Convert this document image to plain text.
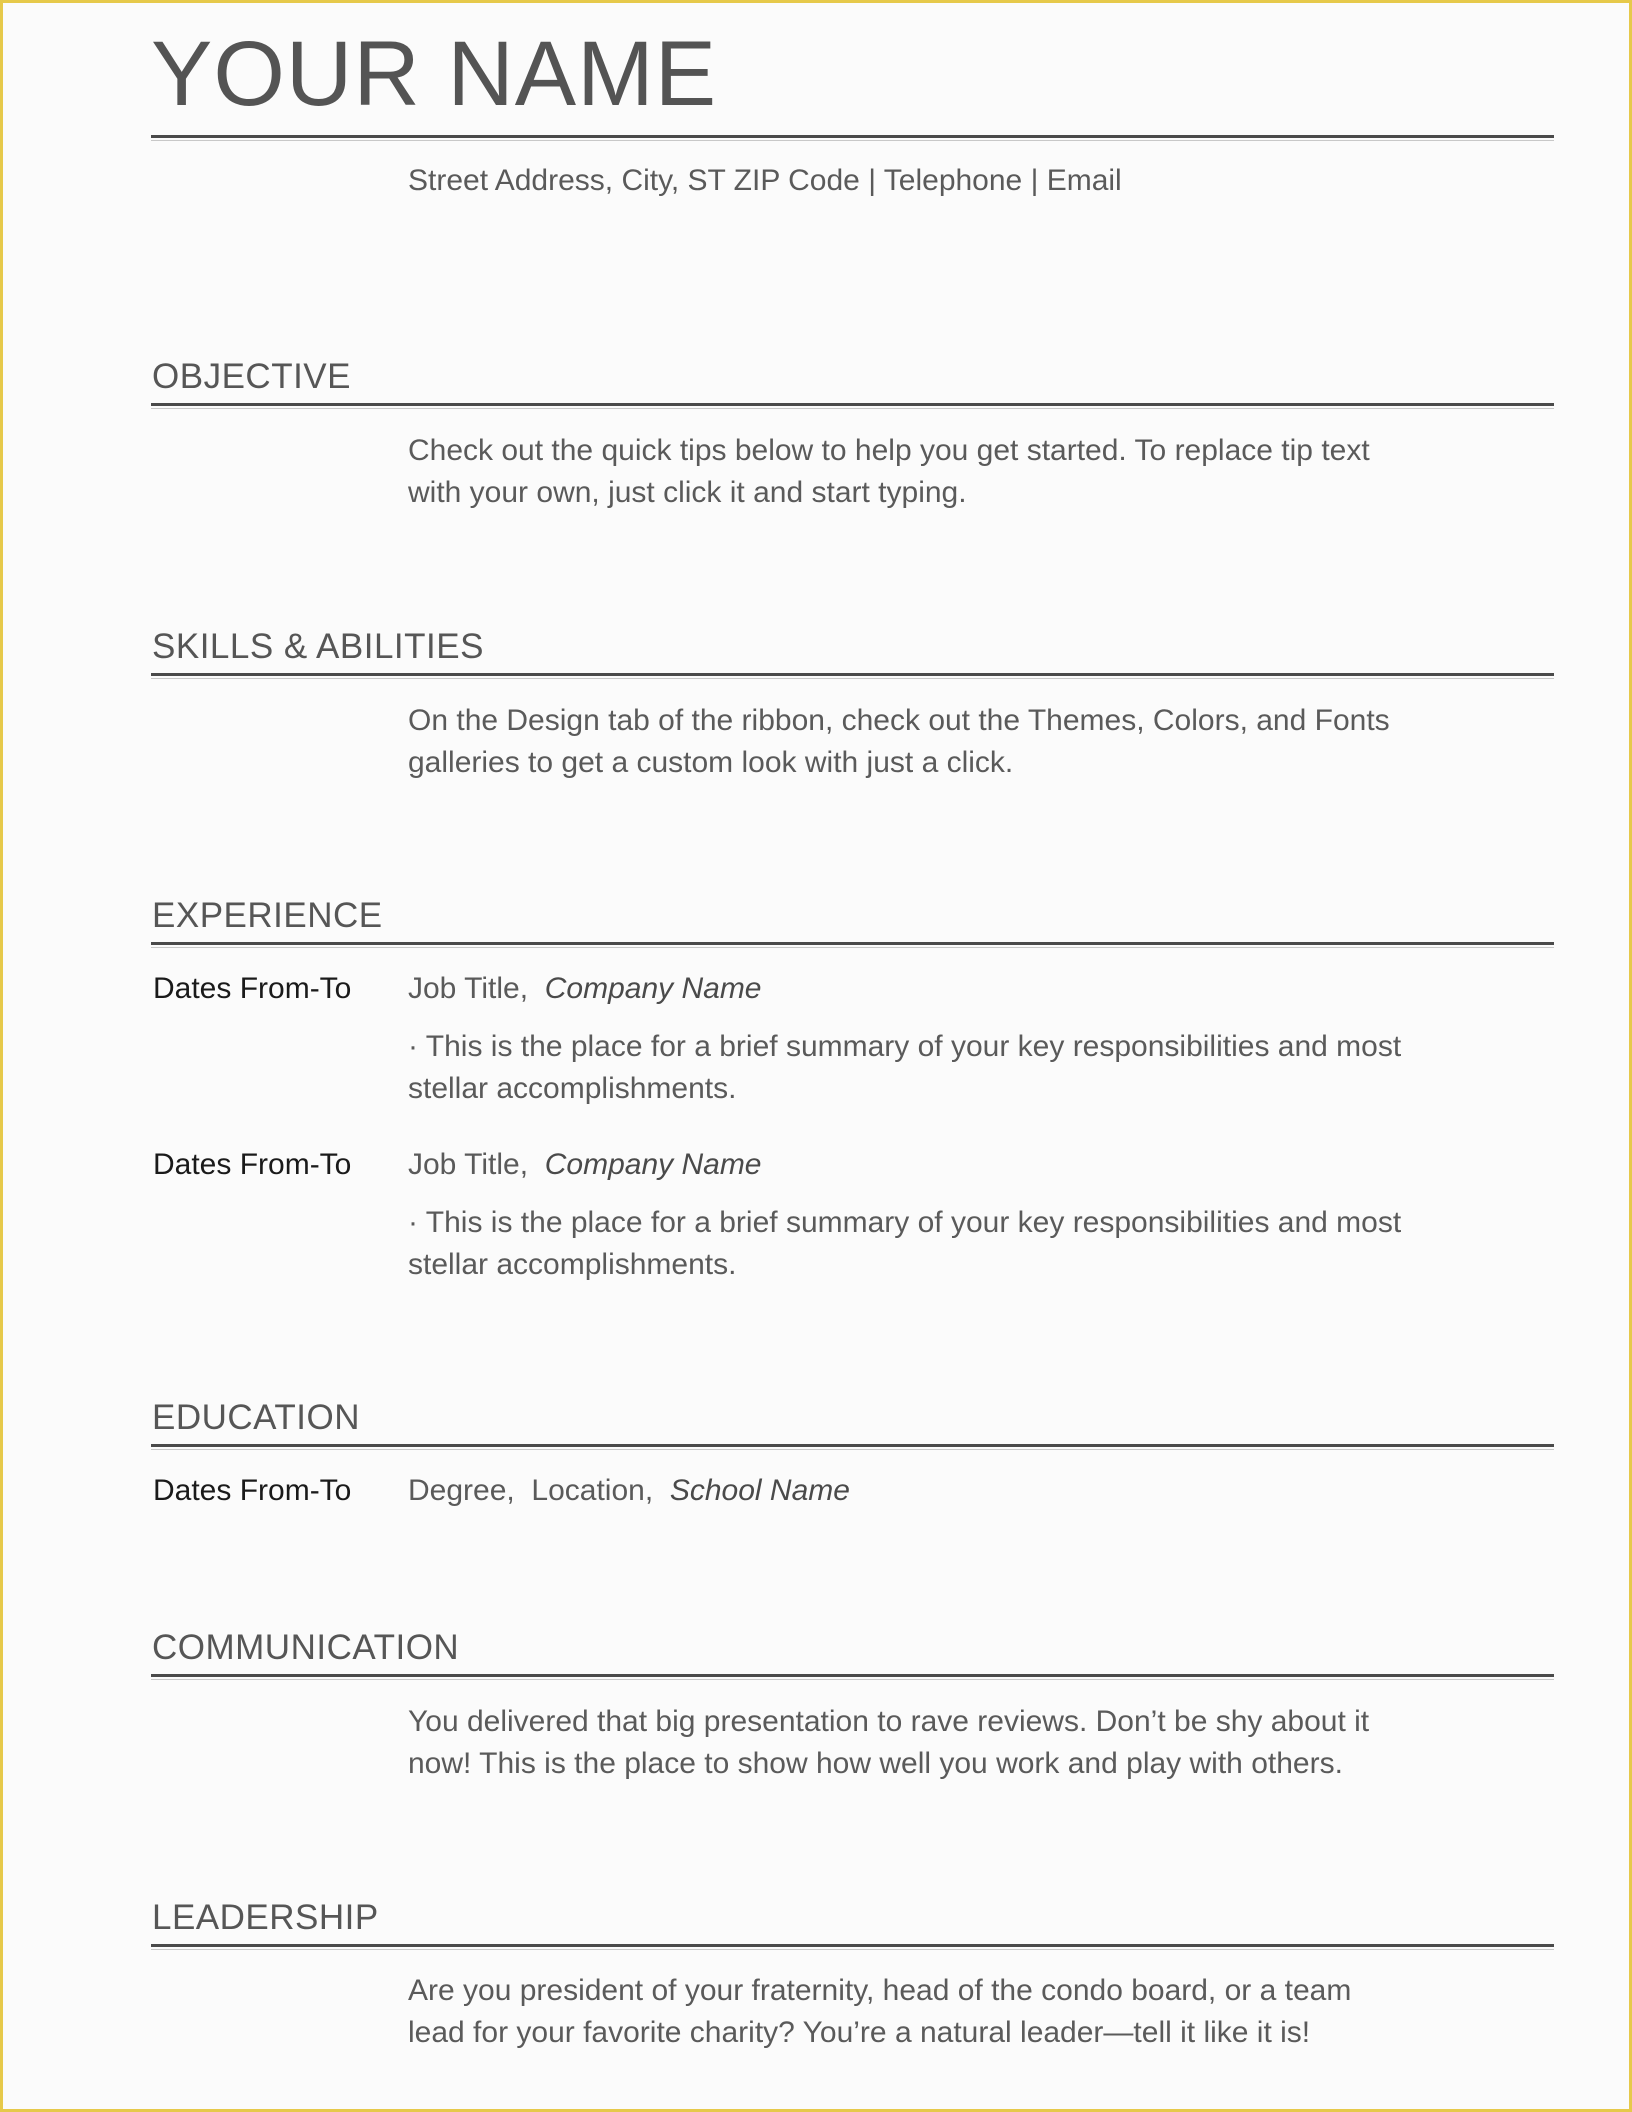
YOUR NAME
Street Address, City, ST ZIP Code | Telephone | Email
OBJECTIVE
Check out the quick tips below to help you get started. To replace tip text
with your own, just click it and start typing.
SKILLS & ABILITIES
On the Design tab of the ribbon, check out the Themes, Colors, and Fonts
galleries to get a custom look with just a click.
EXPERIENCE
Dates From-To Job Title, Company Name
· This is the place for a brief summary of your key responsibilities and most
stellar accomplishments.
Dates From-To Job Title, Company Name
· This is the place for a brief summary of your key responsibilities and most
stellar accomplishments.
EDUCATION
Dates From-To Degree, Location, School Name
COMMUNICATION
You delivered that big presentation to rave reviews. Don’t be shy about it
now! This is the place to show how well you work and play with others.
LEADERSHIP
Are you president of your fraternity, head of the condo board, or a team
lead for your favorite charity? You’re a natural leader—tell it like it is!
